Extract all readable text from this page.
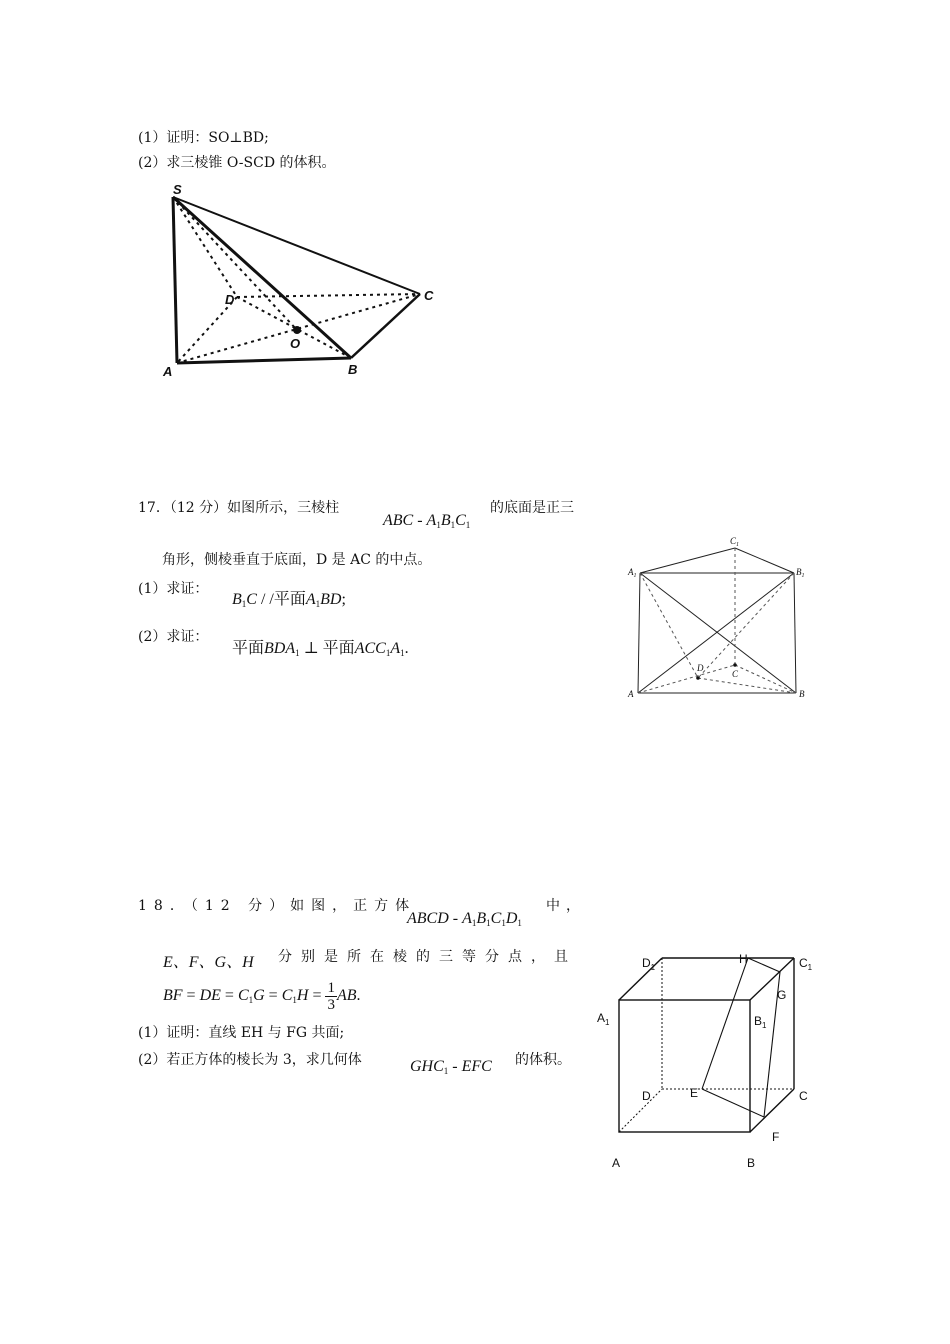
(1）证明：SO⊥BD;
(2）求三棱锥 O-SCD 的体积。
S
A	B
C
D
O
17．（12 分）如图所示，三棱柱
ABC - $A_1B_1C_1$
的底面是正三
角形，侧棱垂直于底面，D 是 AC 的中点。
(1）求证：
$B_1C$ / /平面$A_1BD$;
(2）求证：
平面$BDA_1$ ⊥ 平面$ACC_1A_1$.
$C_1$
$A_1$	$B_1$
A	B
C
D
18．（12 分）如图，正方体
ABCD - $A_1B_1C_1D_1$
中，
E、F、G、H 分别是所在棱的三等分点，且
BF = DE = $C_1G = C_1H = \frac{1}{3}$ AB.
(1）证明：直线 EH 与 FG 共面;
(2）若正方体的棱长为 3，求几何体	$GHC_1$ - EFC 的体积。
$D_1$
H	$C_1$
G
$A_1$	$B_1$
D	E	C
F
A	B
